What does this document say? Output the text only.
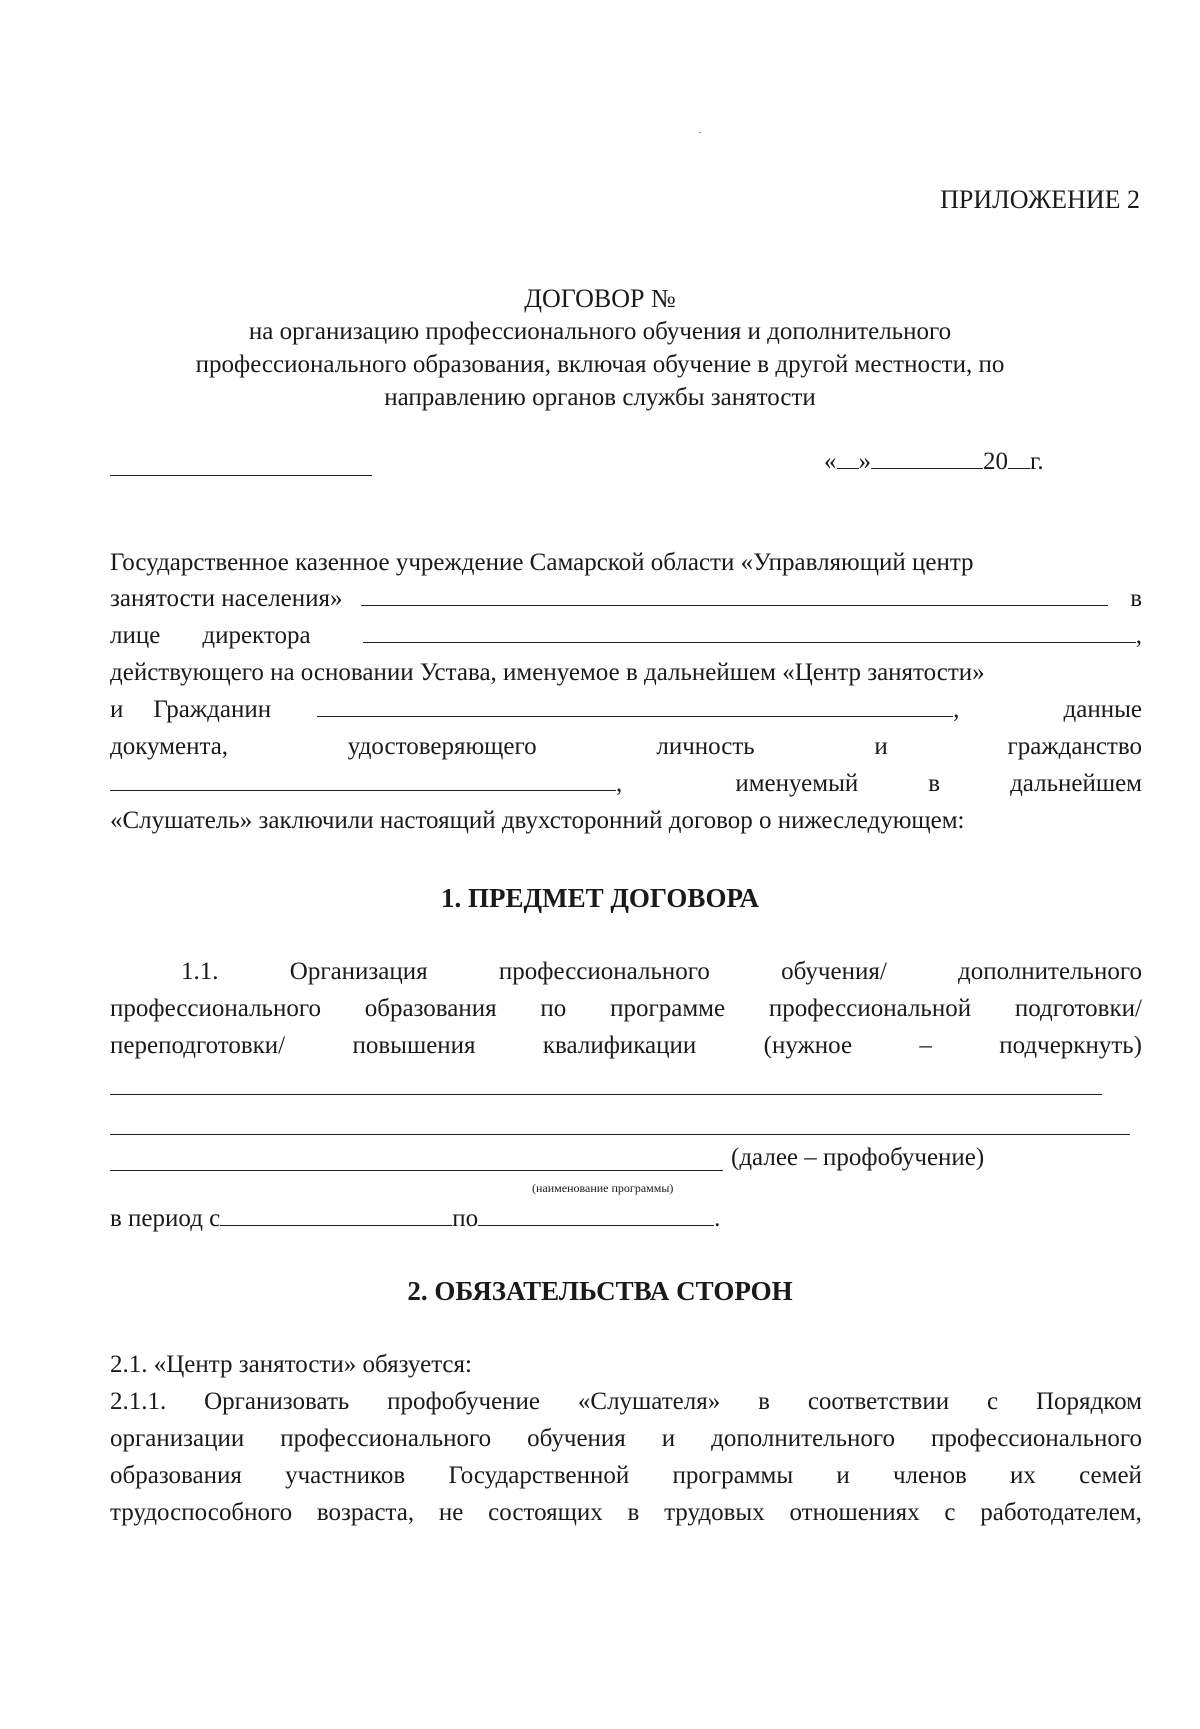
ПРИЛОЖЕНИЕ 2
ДОГОВОР №
на организацию профессионального обучения и дополнительного
профессионального образования, включая обучение в другой местности, по
направлению органов службы занятости
« »	20 г.
Государственное казенное учреждение Самарской области «Управляющий центр
занятости населения»	в
лице директора	,
действующего на основании Устава, именуемое в дальнейшем «Центр занятости»
и Гражданин	,	данные
документа,	удостоверяющего	личность	и	гражданство
,	именуемый	в	дальнейшем
«Слушатель» заключили настоящий двухсторонний договор о нижеследующем:
1. ПРЕДМЕТ ДОГОВОРА
1.1.	Организация	профессионального	обучения/	дополнительного
профессионального образования по программе профессиональной подготовки/
переподготовки/	повышения	квалификации	(нужное	–	подчеркнуть)
(далее – профобучение)
(наименование программы)
в период с	по	.
2. ОБЯЗАТЕЛЬСТВА СТОРОН
2.1. «Центр занятости» обязуется:
2.1.1. Организовать профобучение «Слушателя» в соответствии с Порядком
организации профессионального обучения и дополнительного профессионального
образования участников Государственной программы и членов их семей
трудоспособного возраста, не состоящих в трудовых отношениях с работодателем,
